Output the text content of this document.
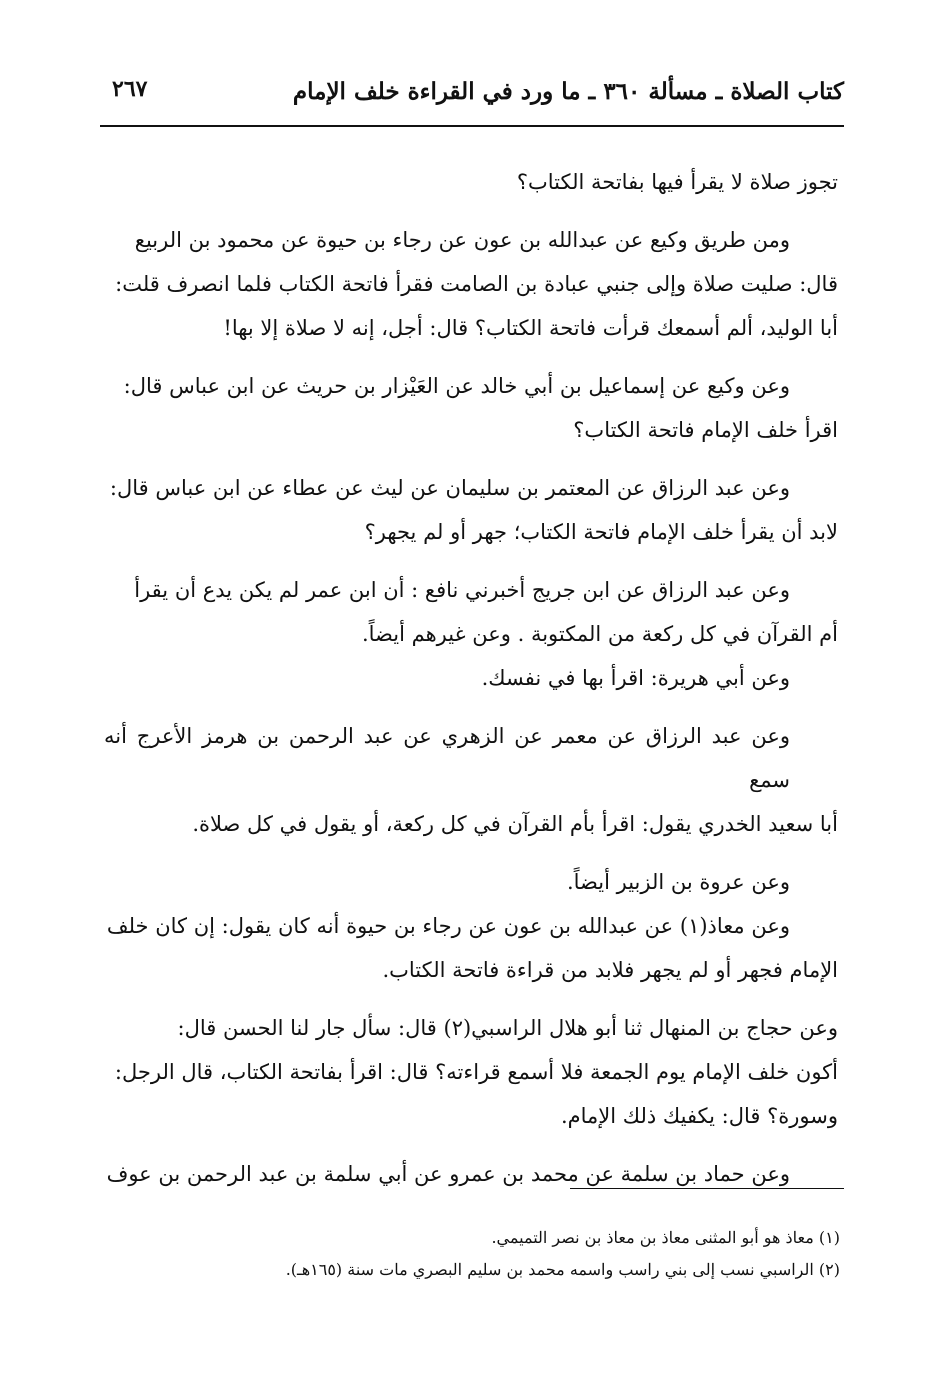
كتاب الصلاة ـ مسألة ٣٦٠ ـ ما ورد في القراءة خلف الإمام
٢٦٧
تجوز صلاة لا يقرأ فيها بفاتحة الكتاب؟
ومن طريق وكيع عن عبدالله بن عون عن رجاء بن حيوة عن محمود بن الربيع
قال: صليت صلاة وإلى جنبي عبادة بن الصامت فقرأ فاتحة الكتاب فلما انصرف قلت:
أبا الوليد، ألم أسمعك قرأت فاتحة الكتاب؟ قال: أجل، إنه لا صلاة إلا بها!
وعن وكيع عن إسماعيل بن أبي خالد عن العَيْزار بن حريث عن ابن عباس قال:
اقرأ خلف الإمام فاتحة الكتاب؟
وعن عبد الرزاق عن المعتمر بن سليمان عن ليث عن عطاء عن ابن عباس قال:
لابد أن يقرأ خلف الإمام فاتحة الكتاب؛ جهر أو لم يجهر؟
وعن عبد الرزاق عن ابن جريج أخبرني نافع : أن ابن عمر لم يكن يدع أن يقرأ
أم القرآن في كل ركعة من المكتوبة . وعن غيرهم أيضاً.
وعن أبي هريرة: اقرأ بها في نفسك.
وعن عبد الرزاق عن معمر عن الزهري عن عبد الرحمن بن هرمز الأعرج أنه سمع
أبا سعيد الخدري يقول: اقرأ بأم القرآن في كل ركعة، أو يقول في كل صلاة.
وعن عروة بن الزبير أيضاً.
وعن معاذ(١) عن عبدالله بن عون عن رجاء بن حيوة أنه كان يقول: إن كان خلف
الإمام فجهر أو لم يجهر فلابد من قراءة فاتحة الكتاب.
وعن حجاج بن المنهال ثنا أبو هلال الراسبي(٢) قال: سأل جار لنا الحسن قال:
أكون خلف الإمام يوم الجمعة فلا أسمع قراءته؟ قال: اقرأ بفاتحة الكتاب، قال الرجل:
وسورة؟ قال: يكفيك ذلك الإمام.
وعن حماد بن سلمة عن محمد بن عمرو عن أبي سلمة بن عبد الرحمن بن عوف
(١) معاذ هو أبو المثنى معاذ بن معاذ بن نصر التميمي.
(٢) الراسبي نسب إلى بني راسب واسمه محمد بن سليم البصري مات سنة (١٦٥هـ).
